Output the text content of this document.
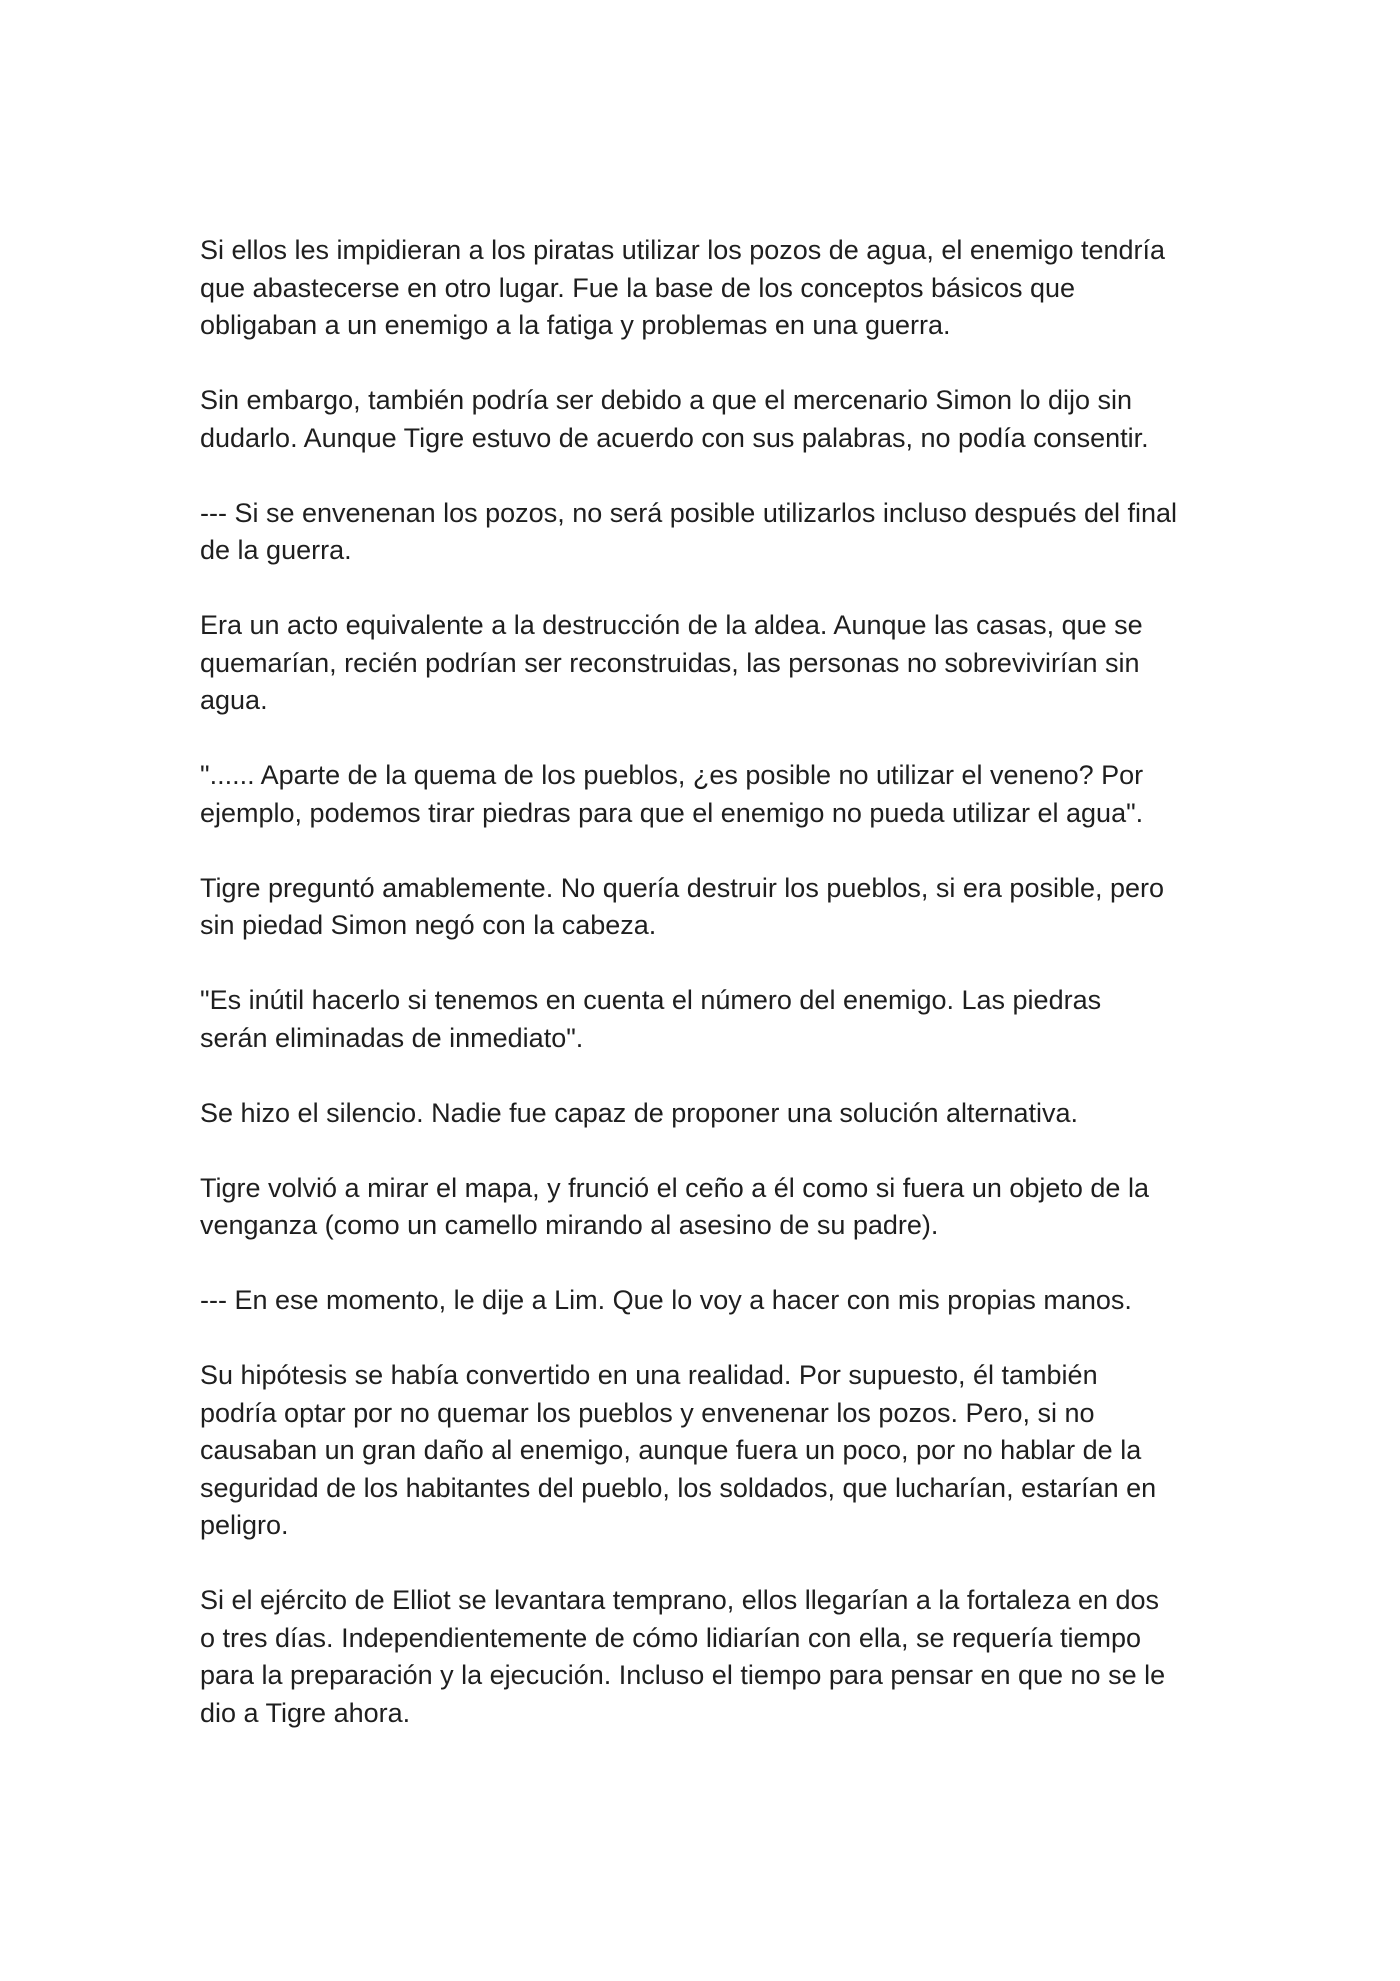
Si ellos les impidieran a los piratas utilizar los pozos de agua, el enemigo tendría
que abastecerse en otro lugar. Fue la base de los conceptos básicos que
obligaban a un enemigo a la fatiga y problemas en una guerra.

Sin embargo, también podría ser debido a que el mercenario Simon lo dijo sin
dudarlo. Aunque Tigre estuvo de acuerdo con sus palabras, no podía consentir.

--- Si se envenenan los pozos, no será posible utilizarlos incluso después del final
de la guerra.

Era un acto equivalente a la destrucción de la aldea. Aunque las casas, que se
quemarían, recién podrían ser reconstruidas, las personas no sobrevivirían sin
agua.

"...... Aparte de la quema de los pueblos, ¿es posible no utilizar el veneno? Por
ejemplo, podemos tirar piedras para que el enemigo no pueda utilizar el agua".

Tigre preguntó amablemente. No quería destruir los pueblos, si era posible, pero
sin piedad Simon negó con la cabeza.

"Es inútil hacerlo si tenemos en cuenta el número del enemigo. Las piedras
serán eliminadas de inmediato".

Se hizo el silencio. Nadie fue capaz de proponer una solución alternativa.

Tigre volvió a mirar el mapa, y frunció el ceño a él como si fuera un objeto de la
venganza (como un camello mirando al asesino de su padre).

--- En ese momento, le dije a Lim. Que lo voy a hacer con mis propias manos.

Su hipótesis se había convertido en una realidad. Por supuesto, él también
podría optar por no quemar los pueblos y envenenar los pozos. Pero, si no
causaban un gran daño al enemigo, aunque fuera un poco, por no hablar de la
seguridad de los habitantes del pueblo, los soldados, que lucharían, estarían en
peligro.

Si el ejército de Elliot se levantara temprano, ellos llegarían a la fortaleza en dos
o tres días. Independientemente de cómo lidiarían con ella, se requería tiempo
para la preparación y la ejecución. Incluso el tiempo para pensar en que no se le
dio a Tigre ahora.
